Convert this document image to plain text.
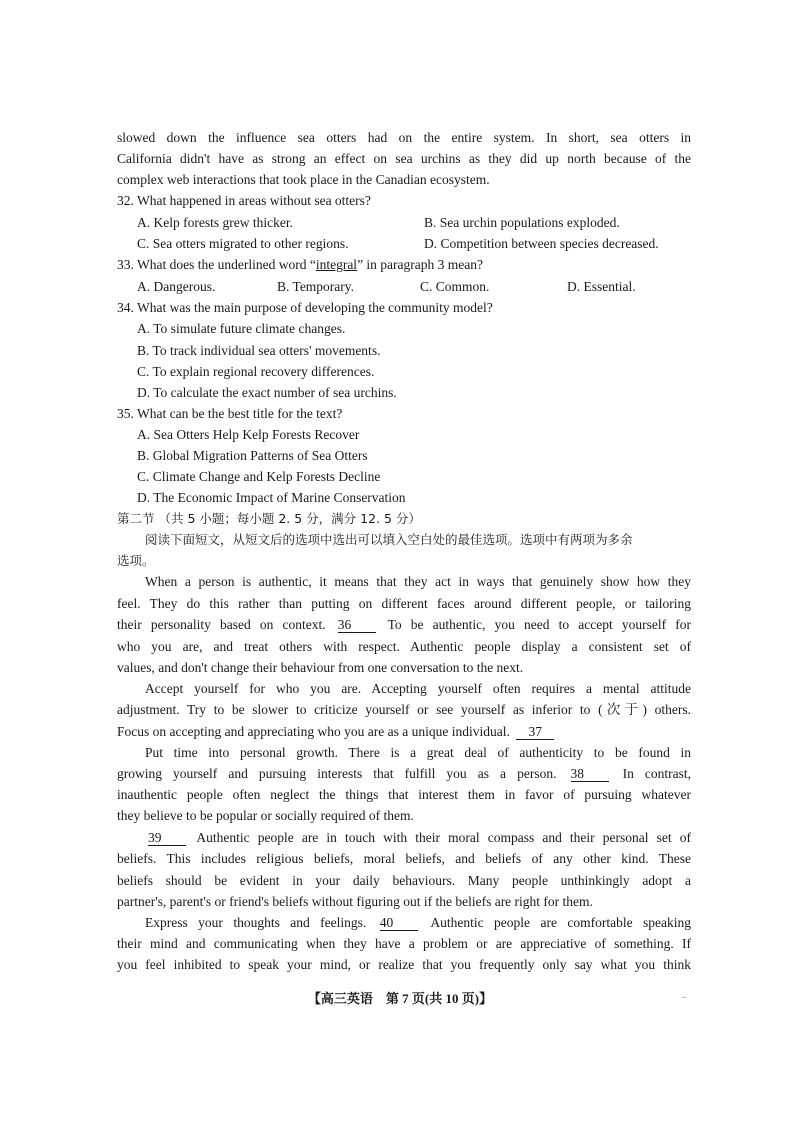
slowed down the influence sea otters had on the entire system. In short, sea otters in
California didn't have as strong an effect on sea urchins as they did up north because of the
complex web interactions that took place in the Canadian ecosystem.
32. What happened in areas without sea otters?
A. Kelp forests grew thicker.	B. Sea urchin populations exploded.
C. Sea otters migrated to other regions.	D. Competition between species decreased.
33. What does the underlined word “integral” in paragraph 3 mean?
A. Dangerous.	B. Temporary.	C. Common.	D. Essential.
34. What was the main purpose of developing the community model?
A. To simulate future climate changes.
B. To track individual sea otters' movements.
C. To explain regional recovery differences.
D. To calculate the exact number of sea urchins.
35. What can be the best title for the text?
A. Sea Otters Help Kelp Forests Recover
B. Global Migration Patterns of Sea Otters
C. Climate Change and Kelp Forests Decline
D. The Economic Impact of Marine Conservation
第二节 （共 5 小题；每小题 2. 5 分，满分 12. 5 分）
阅读下面短文，从短文后的选项中选出可以填入空白处的最佳选项。选项中有两项为多余
选项。
When a person is authentic, it means that they act in ways that genuinely show how they
feel. They do this rather than putting on different faces around different people, or tailoring
their personality based on context. 36	To be authentic, you need to accept yourself for
who you are, and treat others with respect. Authentic people display a consistent set of
values, and don't change their behaviour from one conversation to the next.
Accept yourself for who you are. Accepting yourself often requires a mental attitude
adjustment. Try to be slower to criticize yourself or see yourself as inferior to (次于) others.
Focus on accepting and appreciating who you are as a unique individual. 37
Put time into personal growth. There is a great deal of authenticity to be found in
growing yourself and pursuing interests that fulfill you as a person. 38	In contrast,
inauthentic people often neglect the things that interest them in favor of pursuing whatever
they believe to be popular or socially required of them.
39	Authentic people are in touch with their moral compass and their personal set of
beliefs. This includes religious beliefs, moral beliefs, and beliefs of any other kind. These
beliefs should be evident in your daily behaviours. Many people unthinkingly adopt a
partner's, parent's or friend's beliefs without figuring out if the beliefs are right for them.
Express your thoughts and feelings. 40	Authentic people are comfortable speaking
their mind and communicating when they have a problem or are appreciative of something. If
you feel inhibited to speak your mind, or realize that you frequently only say what you think
【高三英语　第 7 页(共 10 页)】	..
